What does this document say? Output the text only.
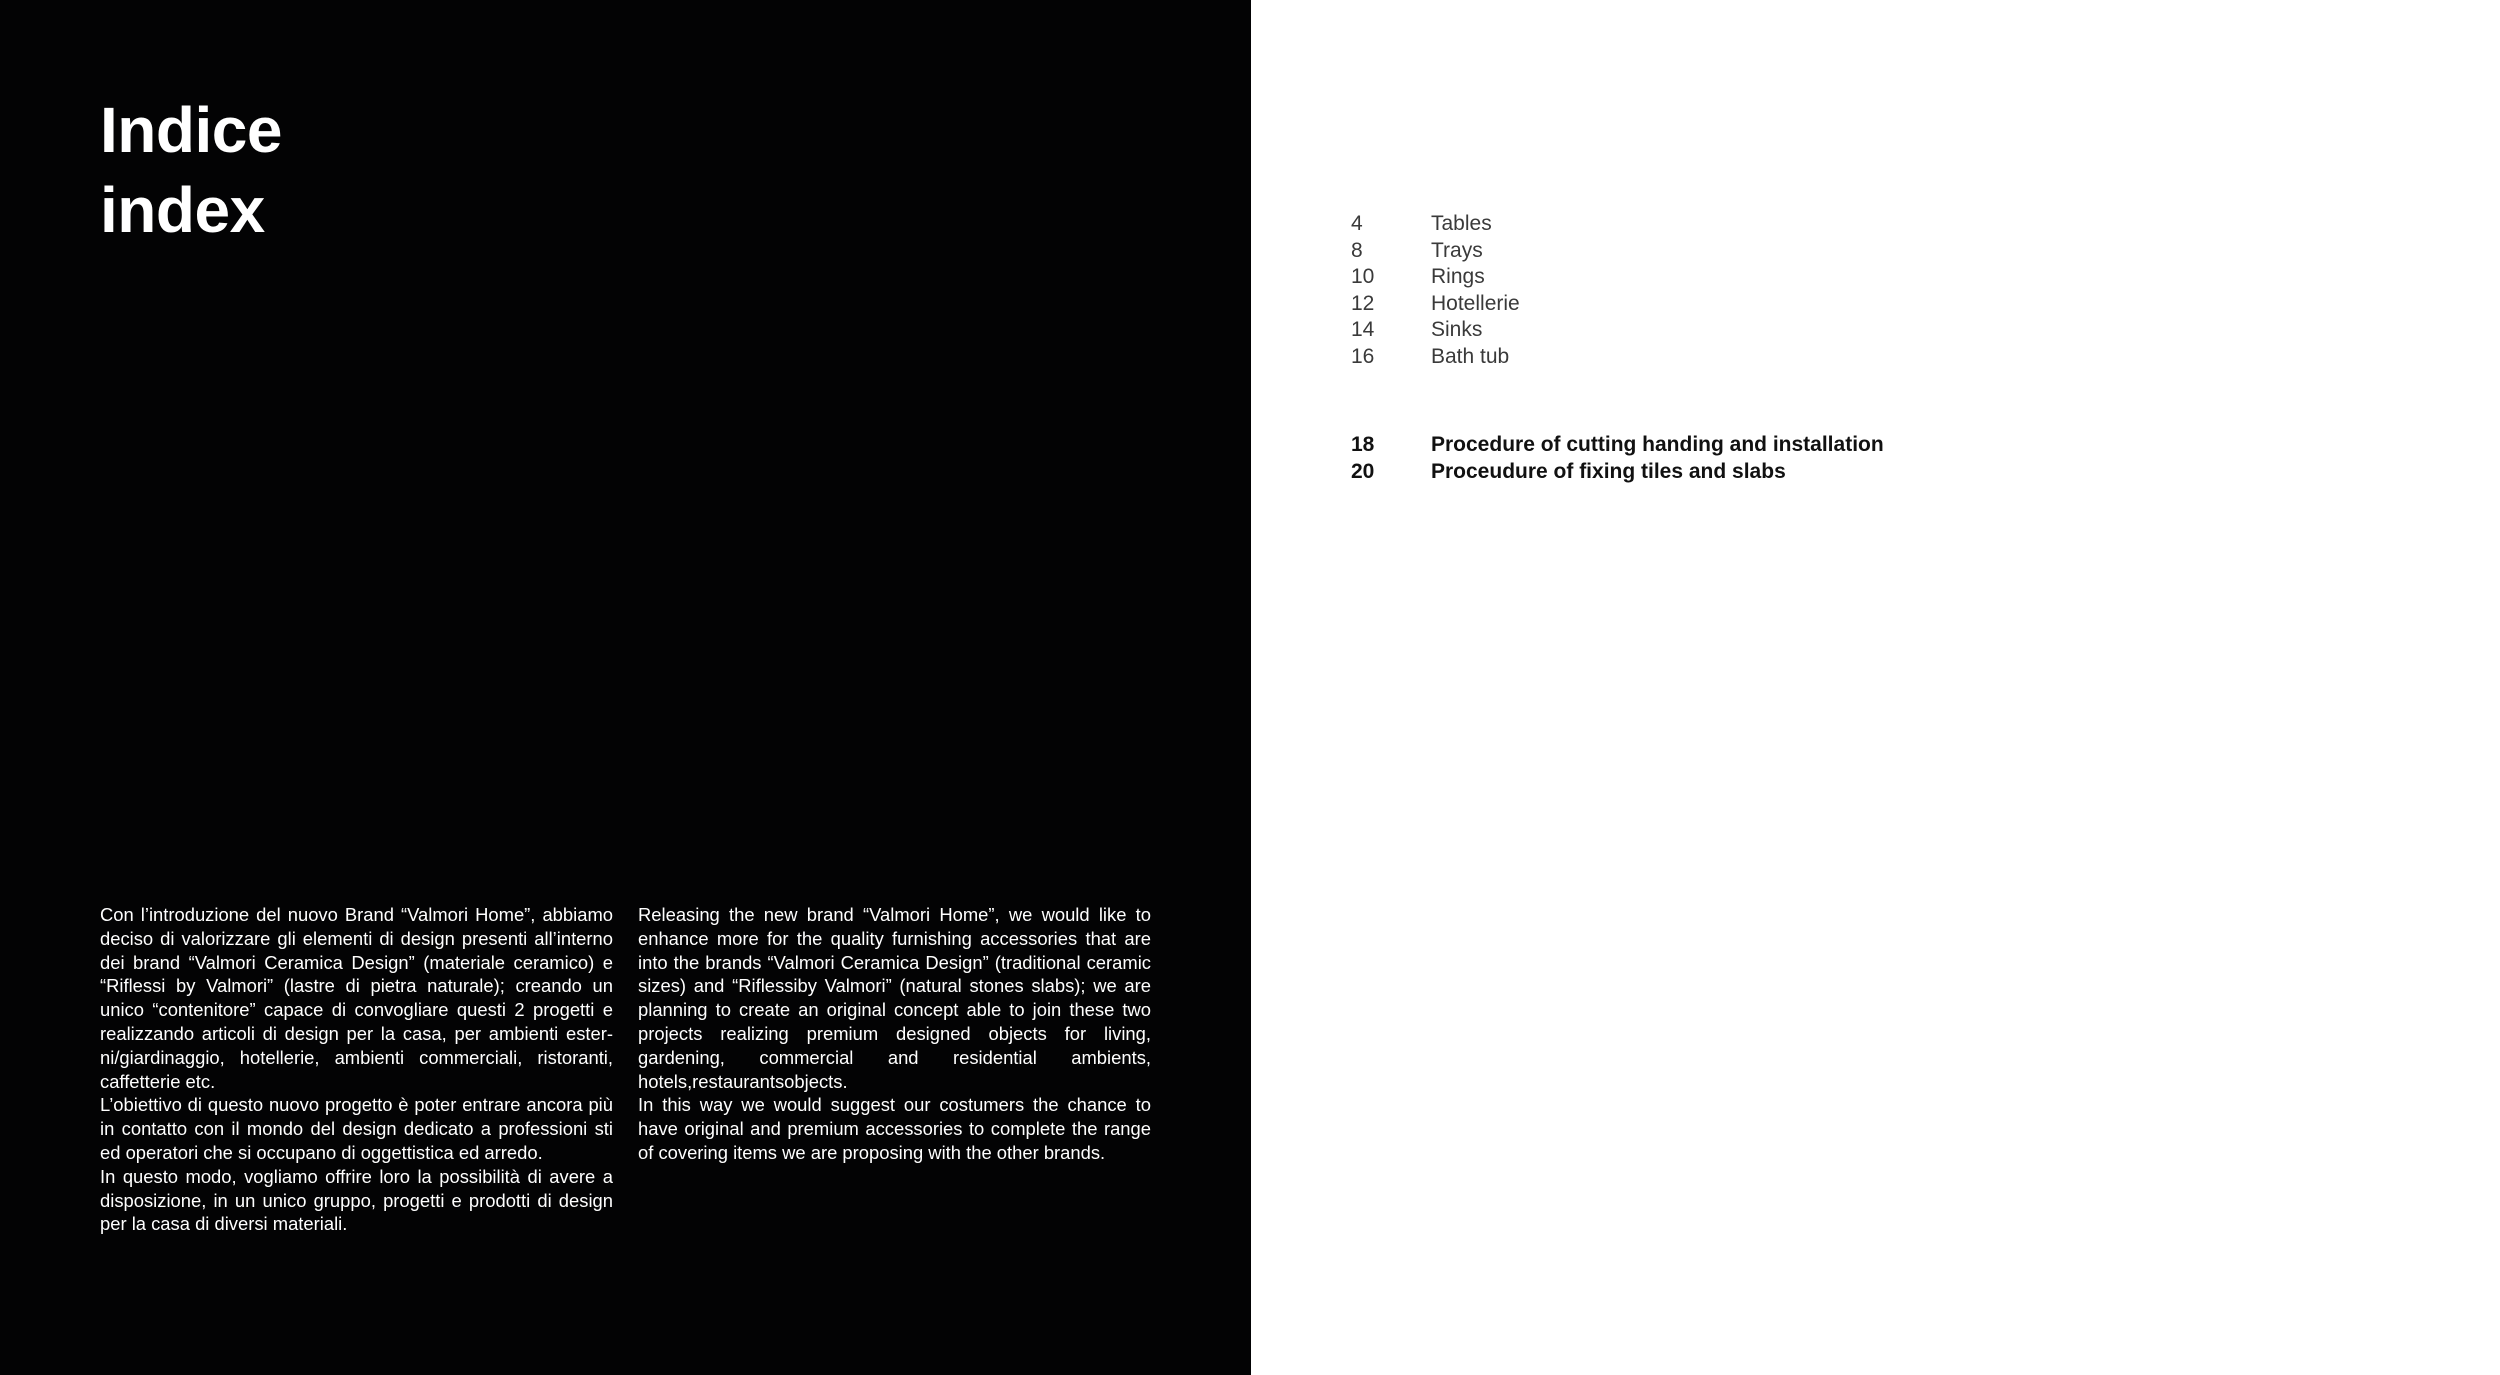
Indice
index

Con l’introduzione del nuovo Brand “Valmori Home”, abbiamo deciso di valorizzare gli elementi di design presenti all’interno dei brand “Valmori Ceramica Design” (materiale ceramico) e “Riflessi by Valmori” (lastre di pietra naturale); creando un unico “contenitore” capace di convogliare questi 2 progetti e realizzando articoli di design per la casa, per ambienti esterni/giardinaggio, hotellerie, ambienti commerciali, ristoranti, caffetterie etc.

L’obiettivo di questo nuovo progetto è poter entrare ancora più in contatto con il mondo del design dedicato a professioni sti ed operatori che si occupano di oggettistica ed arredo.

In questo modo, vogliamo offrire loro la possibilità di avere a disposizione, in un unico gruppo, progetti e prodotti di design per la casa di diversi materiali.

Releasing the new brand “Valmori Home”, we would like to enhance more for the quality furnishing accessories that are into the brands “Valmori Ceramica Design” (traditional ceramic sizes) and “Riflessiby Valmori” (natural stones slabs); we are planning to create an original concept able to join these two projects realizing premium designed objects for living, gardening, commercial and residential ambients, hotels,restaurantsobjects.

In this way we would suggest our costumers the chance to have original and premium accessories to complete the range of covering items we are proposing with the other brands.

4	Tables
8	Trays
10	Rings
12	Hotellerie
14	Sinks
16	Bath tub
18	Procedure of cutting handing and installation
20	Proceudure of fixing tiles and slabs
